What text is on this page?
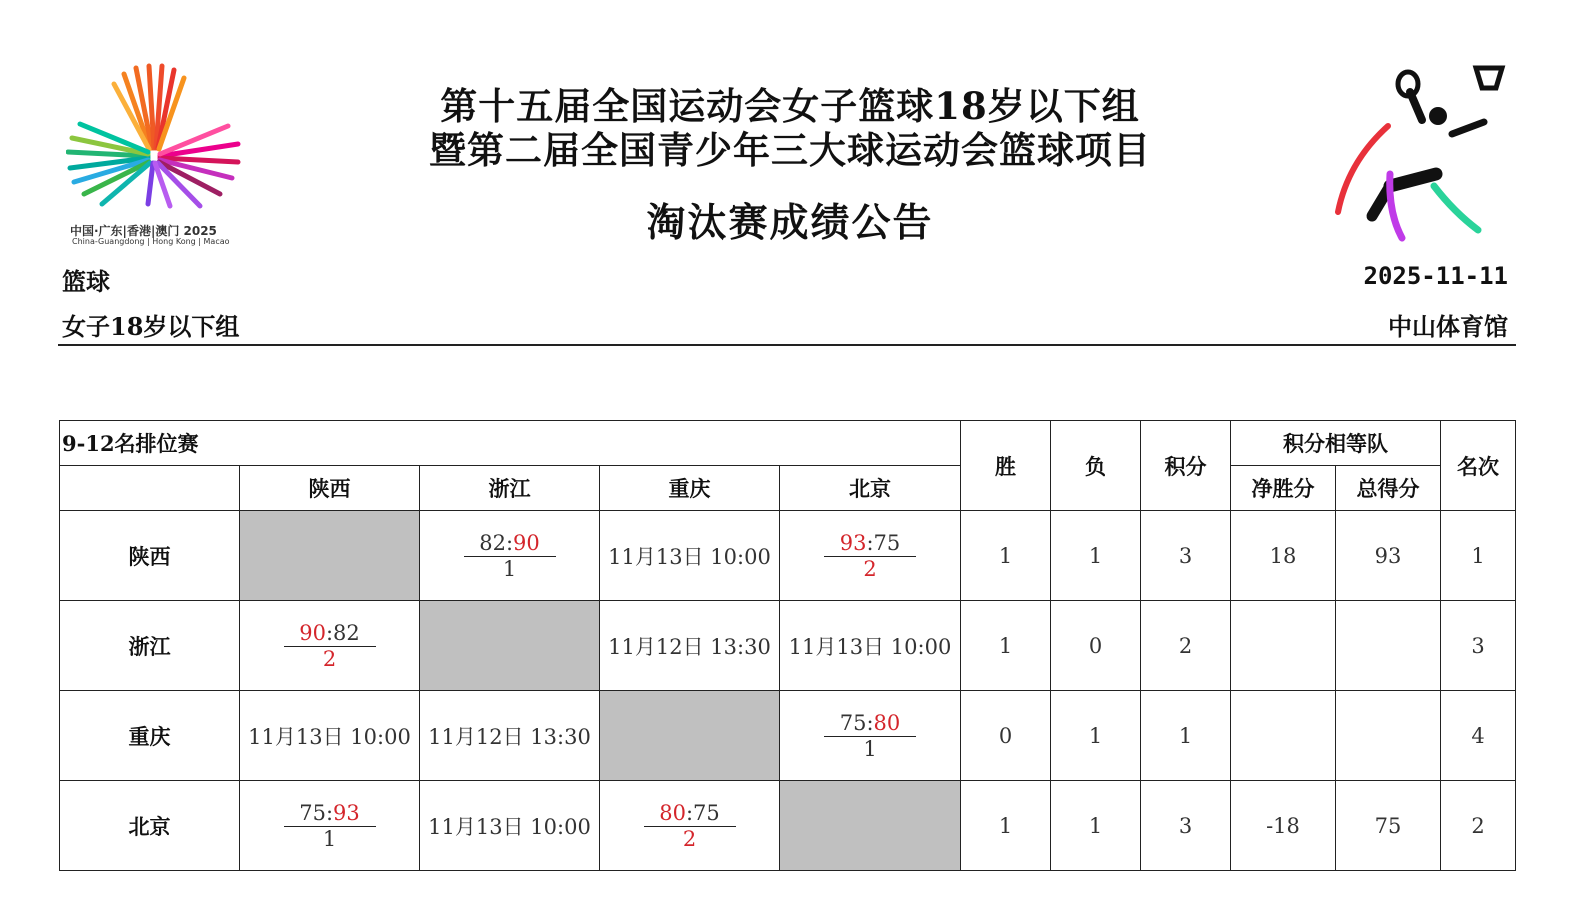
中国·广东|香港|澳门 2025
China-Guangdong | Hong Kong | Macao
第十五届全国运动会女子篮球18岁以下组
暨第二届全国青少年三大球运动会篮球项目
淘汰赛成绩公告
篮球
女子18岁以下组
2025-11-11
中山体育馆
9-12名排位赛					胜	负	积分	积分相等队		名次
	陕西	浙江	重庆	北京				净胜分	总得分	
陕西		$\frac{82:90}{1}$	11月13日 10:00	$\frac{93:75}{2}$	1	1	3	18	93	1
浙江	$\frac{90:82}{2}$		11月12日 13:30	11月13日 10:00	1	0	2			3
重庆	11月13日 10:00	11月12日 13:30		$\frac{75:80}{1}$	0	1	1			4
北京	$\frac{75:93}{1}$	11月13日 10:00	$\frac{80:75}{2}$		1	1	3	-18	75	2
